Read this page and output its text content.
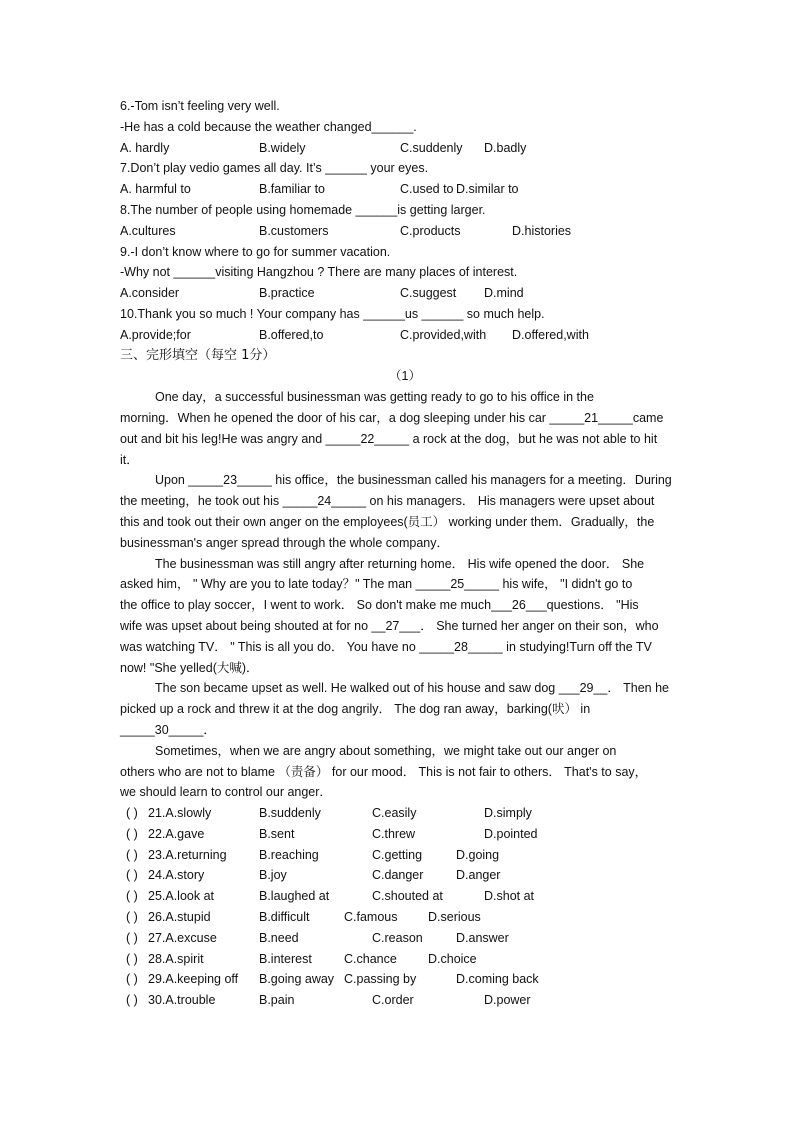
6.-Tom isn’t feeling very well.
-He has a cold because the weather changed______.
A. hardly	B.widely	C.suddenly D.badly
7.Don’t play vedio games all day. It’s ______ your eyes.
A. harmful to	B.familiar to	C.used to D.similar to
8.The number of people using homemade ______is getting larger.
A.cultures	B.customers	C.products	D.histories
9.-I don’t know where to go for summer vacation.
-Why not ______visiting Hangzhou ? There are many places of interest.
A.consider	B.practice	C.suggest D.mind
10.Thank you so much ! Your company has ______us ______ so much help.
A.provide;for	B.offered,to	C.provided,with D.offered,with
三、完形填空（每空 1分）
（1）
One day，a successful businessman was getting ready to go to his office in the
morning．When he opened the door of his car，a dog sleeping under his car _____21_____came
out and bit his leg!He was angry and _____22_____ a rock at the dog，but he was not able to hit
it．
Upon _____23_____ his office，the businessman called his managers for a meeting．During
the meeting，he took out his _____24_____ on his managers． His managers were upset about
this and took out their own anger on the employees(员工） working under them．Gradually，the
businessman's anger spread through the whole company．
The businessman was still angry after returning home． His wife opened the door． She
asked him， " Why are you to late today？" The man _____25_____ his wife， "I didn't go to
the office to play soccer，I went to work． So don't make me much___26___questions． "His
wife was upset about being shouted at for no __27___． She turned her anger on their son，who
was watching TV． " This is all you do． You have no _____28_____ in studying!Turn off the TV
now! "She yelled(大喊)．
The son became upset as well. He walked out of his house and saw dog ___29__． Then he
picked up a rock and threw it at the dog angrily． The dog ran away，barking(吠） in
_____30_____．
Sometimes，when we are angry about something，we might take out our anger on
others who are not to blame （责备） for our mood． This is not fair to others． That's to say，
we should learn to control our anger．
( ) 21.A.slowly	B.suddenly	C.easily	D.simply
( ) 22.A.gave	B.sent	C.threw	D.pointed
( ) 23.A.returning	B.reaching	C.getting	D.going
( ) 24.A.story	B.joy	C.danger	D.anger
( ) 25.A.look at	B.laughed at	C.shouted at	D.shot at
( ) 26.A.stupid	B.difficult	C.famous D.serious
( ) 27.A.excuse	B.need	C.reason	D.answer
( ) 28.A.spirit	B.interest	C.chance D.choice
( ) 29.A.keeping off B.going away C.passing by	D.coming back
( ) 30.A.trouble	B.pain	C.order	D.power
